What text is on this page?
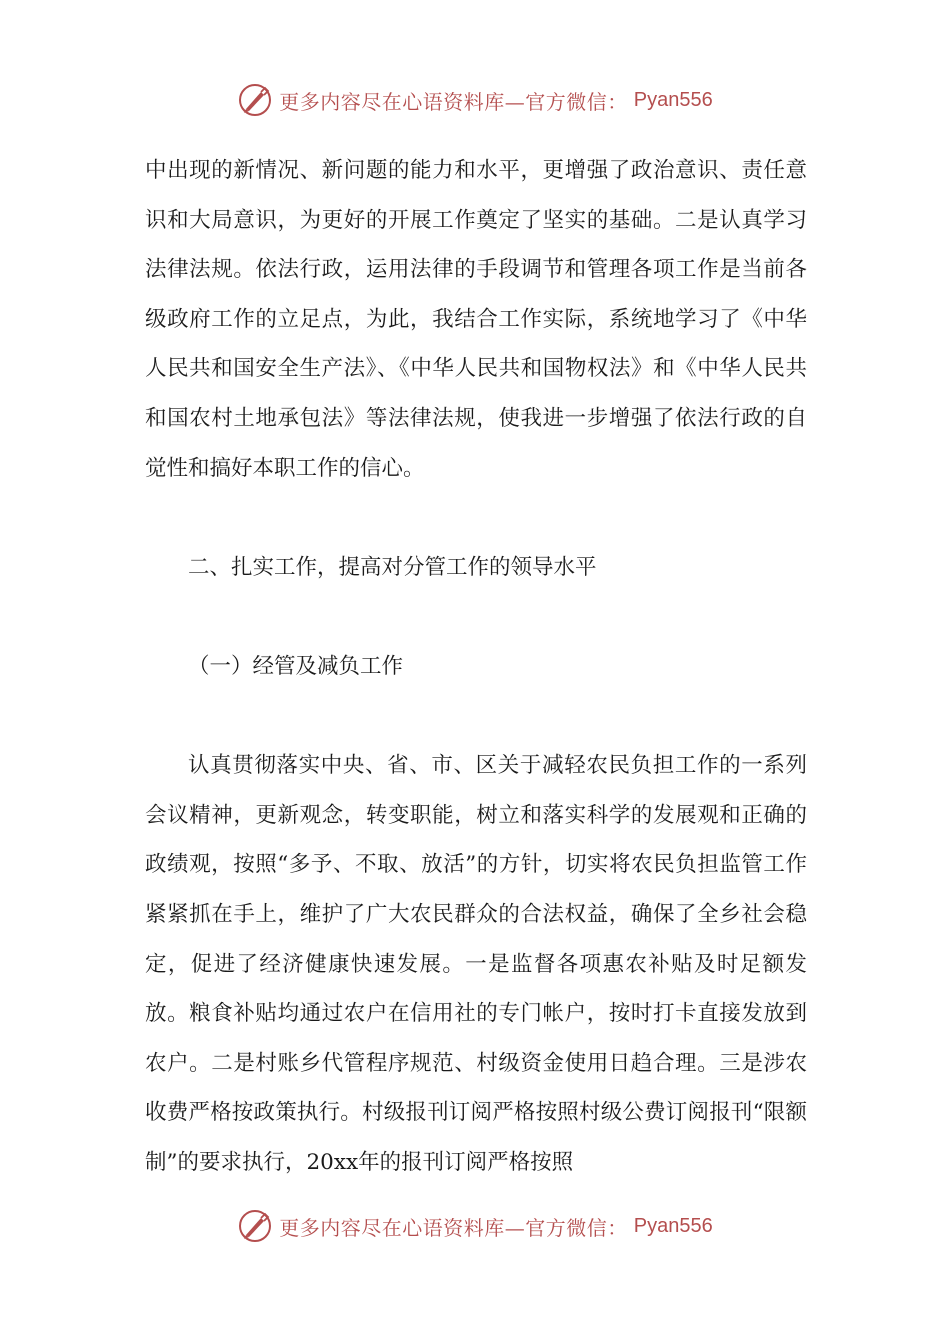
更多内容尽在心语资料库—官方微信： Pyan556

中出现的新情况、新问题的能力和水平，更增强了政治意识、责任意识和大局意识，为更好的开展工作奠定了坚实的基础。二是认真学习法律法规。依法行政，运用法律的手段调节和管理各项工作是当前各级政府工作的立足点，为此，我结合工作实际，系统地学习了《中华人民共和国安全生产法》、《中华人民共和国物权法》和《中华人民共和国农村土地承包法》等法律法规，使我进一步增强了依法行政的自觉性和搞好本职工作的信心。

二、扎实工作，提高对分管工作的领导水平

（一）经管及减负工作

认真贯彻落实中央、省、市、区关于减轻农民负担工作的一系列会议精神，更新观念，转变职能，树立和落实科学的发展观和正确的政绩观，按照“多予、不取、放活”的方针，切实将农民负担监管工作紧紧抓在手上，维护了广大农民群众的合法权益，确保了全乡社会稳定，促进了经济健康快速发展。一是监督各项惠农补贴及时足额发放。粮食补贴均通过农户在信用社的专门帐户，按时打卡直接发放到农户。二是村账乡代管程序规范、村级资金使用日趋合理。三是涉农收费严格按政策执行。村级报刊订阅严格按照村级公费订阅报刊“限额制”的要求执行，20xx年的报刊订阅严格按照

更多内容尽在心语资料库—官方微信： Pyan556
